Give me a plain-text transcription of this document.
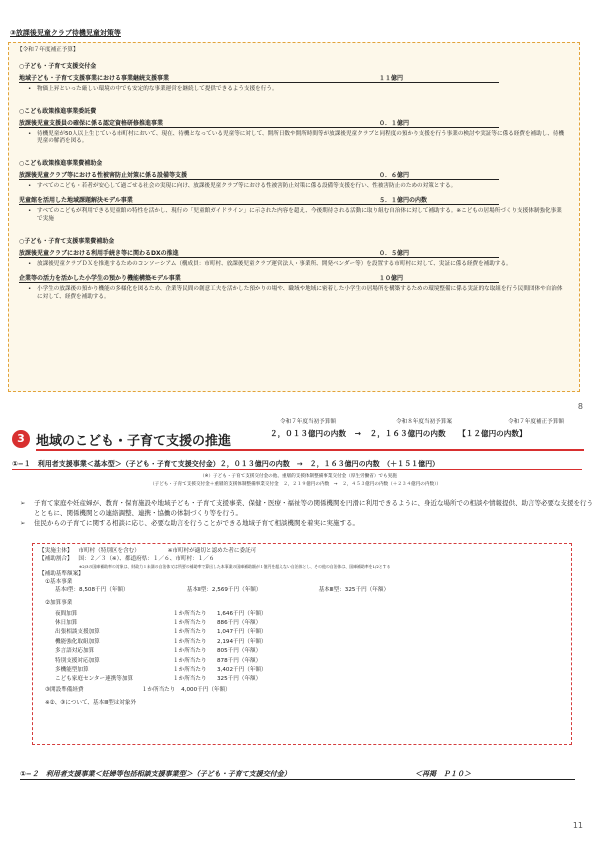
③放課後児童クラブ待機児童対策等
【令和７年度補正予算】
○子ども・子育て支援交付金
地域子ども・子育て支援事業における事業継続支援事業	１１億円
• 物価上昇といった厳しい環境の中でも安定的な事業運営を継続して提供できるよう支援を行う。
○こども政策推進事業委託費
放課後児童支援員の確保に係る認定資格研修推進事業	０．１億円
• 待機児童が50人以上生じている市町村において、現在、待機となっている児童等に対して、開所日数や開所時間等が放課後児童クラブと同程度の預かり支援を行う事業の検討や実証等に係る経費を補助し、待機児童の解消を図る。
○こども政策推進事業費補助金
放課後児童クラブ等における性被害防止対策に係る設備等支援	０．６億円
• すべてのこども・若者が安心して過ごせる社会の実現に向け、放課後児童クラブ等における性被害防止対策に係る設備等支援を行い、性被害防止のための対策とする。
児童館を活用した地域課題解決モデル事業	５．１億円の内数
• すべてのこどもが利用できる児童館の特性を活かし、現行の「児童館ガイドライン」に示された内容を超え、今後期待される活動に取り組む自治体に対して補助する。※こどもの居場所づくり支援体制強化事業で実施
○子ども・子育て支援事業費補助金
放課後児童クラブにおける利用手続き等に関わるDXの推進	０．５億円
• 放課後児童クラブＤＸを推進するためのコンソーシアム（構成員：市町村、放課後児童クラブ運営法人・事業所、開発ベンダー等）を設置する市町村に対して、実証に係る経費を補助する。
企業等の活力を活かした小学生の預かり機能構築モデル事業	１０億円
• 小学生の放課後の預かり機能の多様化を図るため、企業等民間の創意工夫を活かした預かりの場や、職域や地域に密着した小学生の居場所を構築するための環境整備に係る実証的な取組を行う民間団体や自治体に対して、経費を補助する。
8
令和７年度当初予算額	令和８年度当初予算案	令和７年度補正予算額
２，０１３億円の内数 → ２，１６３億円の内数 【１２億円の内数】
3 地域のこども・子育て支援の推進
①−１　利用者支援事業＜基本型＞（子ども・子育て支援交付金）２，０１３億円の内数　→　２，１６３億円の内数　（＋１５１億円）
（※）子ども・子育て支援交付金の他、重層的支援体制整備事業交付金（厚生労働省）でも実施
（子ども・子育て支援交付金＋重層的支援体制整備事業交付金　２，２１９億円の内数　→　２，４５３億円の内数（＋２３４億円の内数））
➢ 子育て家庭や妊産婦が、教育・保育施設や地域子ども・子育て支援事業、保健・医療・福祉等の関係機関を円滑に利用できるように、身近な場所での相談や情報提供、助言等必要な支援を行うとともに、関係機関との連絡調整、連携・協働の体制づくり等を行う。
➢ 住民からの子育てに関する相談に応じ、必要な助言を行うことができる地域子育て相談機関を着実に実施する。
【実施主体】 市町村（特別区を含む）	※市町村が適切と認めた者に委託可
【補助割合】 国：２／３（※）、都道府県：１／６、市町村：１／６
※2/3の国庫補助率の対象は、財政力１未満の自治体又は所要の補助率で算出した本事業の国庫補助額が１億円を超えない自治体とし、その他の自治体は、国庫補助率を1/2とする
【補助基準額案】
①基本事業
基本Ⅰ型：8,508千円（年額）	基本Ⅱ型：2,569千円（年額）	基本Ⅲ型：325千円（年額）
②加算事業
夜間加算	１か所当たり	1,646千円（年額）
休日加算	１か所当たり	886千円（年額）
出張相談支援加算	１か所当たり	1,047千円（年額）
機能強化取組加算	１か所当たり	2,194千円（年額）
多言語対応加算	１か所当たり	805千円（年額）
特別支援対応加算	１か所当たり	878千円（年額）
多機能型加算	１か所当たり	3,402千円（年額）
こども家庭センター連携等加算	１か所当たり	325千円（年額）
③開設準備経費	１か所当たり 4,000千円（年額）
※②、③について、基本Ⅲ型は対象外
①−２　利用者支援事業＜妊婦等包括相談支援事業型＞（子ども・子育て支援交付金）	＜再掲　Ｐ１０＞
11
